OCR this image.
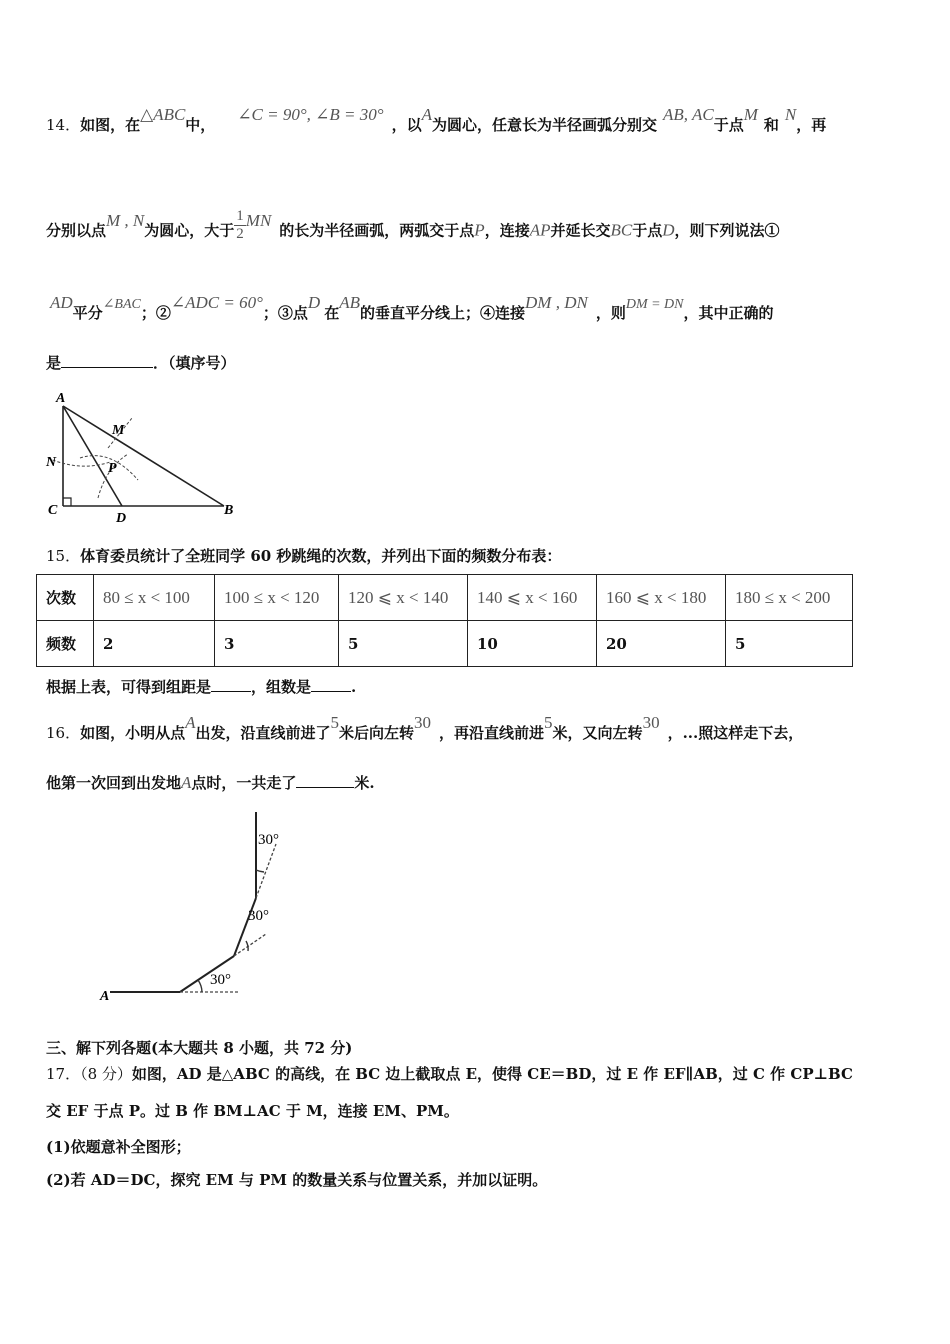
14．如图，在△ABC中，∠C = 90°, ∠B = 30°，以A为圆心，任意长为半径画弧分别交AB, AC于点M和N，再
分别以点M , N为圆心，大于 $\frac{1}{2}$ MN的长为半径画弧，两弧交于点P，连接AP并延长交BC于点D，则下列说法①
AD平分∠BAC；②∠ADC = 60°；③点D在AB的垂直平分线上；④连接DM , DN，则DM = DN，其中正确的
是	．（填序号）
A
M
N	P
C
D
B
15．体育委员统计了全班同学 60 秒跳绳的次数，并列出下面的频数分布表：
次数	80 ≤ x < 100	100 ≤ x < 120	120 ⩽ x < 140	140 ⩽ x < 160	160 ⩽ x < 180	180 ≤ x < 200
频数	2	3	5	10	20	5
根据上表，可得到组距是	，组数是	.
16．如图，小明从点A出发，沿直线前进了5米后向左转30，再沿直线前进5米，又向左转30，...照这样走下去，
他第一次回到出发地A点时，一共走了	米.
A
30°
30°
30°
三、解下列各题(本大题共 8 小题，共 72 分)
17．（8 分）如图，AD 是△ABC 的高线，在 BC 边上截取点 E，使得 CE＝BD，过 E 作 EF∥AB，过 C 作 CP⊥BC
交 EF 于点 P。过 B 作 BM⊥AC 于 M，连接 EM、PM。
(1)依题意补全图形；
(2)若 AD＝DC，探究 EM 与 PM 的数量关系与位置关系，并加以证明。
